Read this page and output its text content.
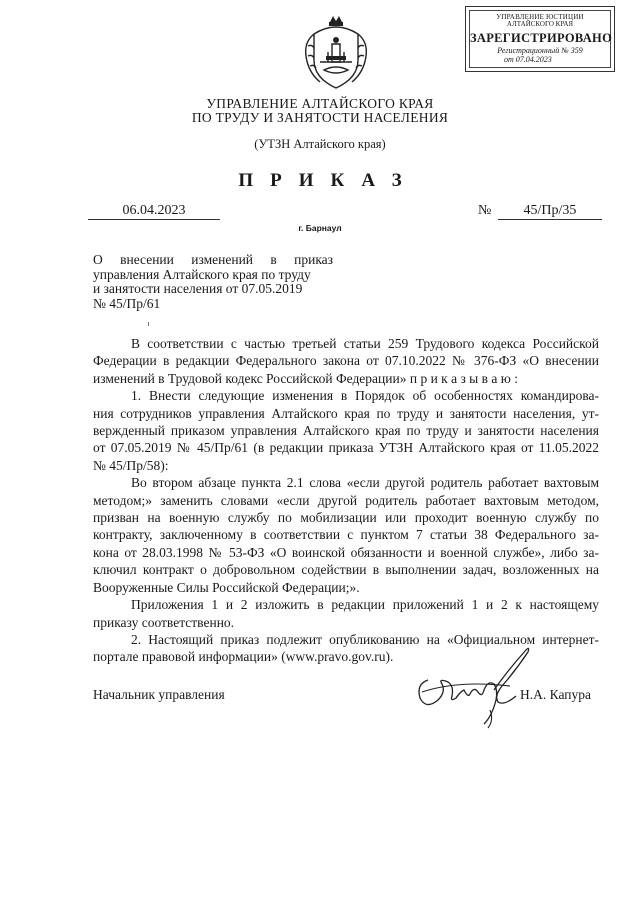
УПРАВЛЕНИЕ ЮСТИЦИИ
АЛТАЙСКОГО КРАЯ
ЗАРЕГИСТРИРОВАНО
Регистрационный № 359
от 07.04.2023
УПРАВЛЕНИЕ АЛТАЙСКОГО КРАЯ
ПО ТРУДУ И ЗАНЯТОСТИ НАСЕЛЕНИЯ
(УТЗН Алтайского края)
ПРИКАЗ
06.04.2023	№	45/Пр/35
г. Барнаул
О внесении изменений в приказ
управления Алтайского края по труду
и занятости населения от 07.05.2019
№ 45/Пр/61
В соответствии с частью третьей статьи 259 Трудового кодекса Российской
Федерации в редакции Федерального закона от 07.10.2022 № 376-ФЗ «О внесении
изменений в Трудовой кодекс Российской Федерации» п р и к а з ы в а ю :
1. Внести следующие изменения в Порядок об особенностях командирова-
ния сотрудников управления Алтайского края по труду и занятости населения, ут-
вержденный приказом управления Алтайского края по труду и занятости населения
от 07.05.2019 № 45/Пр/61 (в редакции приказа УТЗН Алтайского края от 11.05.2022
№ 45/Пр/58):
Во втором абзаце пункта 2.1 слова «если другой родитель работает вахтовым
методом;» заменить словами «если другой родитель работает вахтовым методом,
призван на военную службу по мобилизации или проходит военную службу по
контракту, заключенному в соответствии с пунктом 7 статьи 38 Федерального за-
кона от 28.03.1998 № 53-ФЗ «О воинской обязанности и военной службе», либо за-
ключил контракт о добровольном содействии в выполнении задач, возложенных на
Вооруженные Силы Российской Федерации;».
Приложения 1 и 2 изложить в редакции приложений 1 и 2 к настоящему
приказу соответственно.
2. Настоящий приказ подлежит опубликованию на «Официальном интернет-
портале правовой информации» (www.pravo.gov.ru).
Начальник управления	Н.А. Капура
